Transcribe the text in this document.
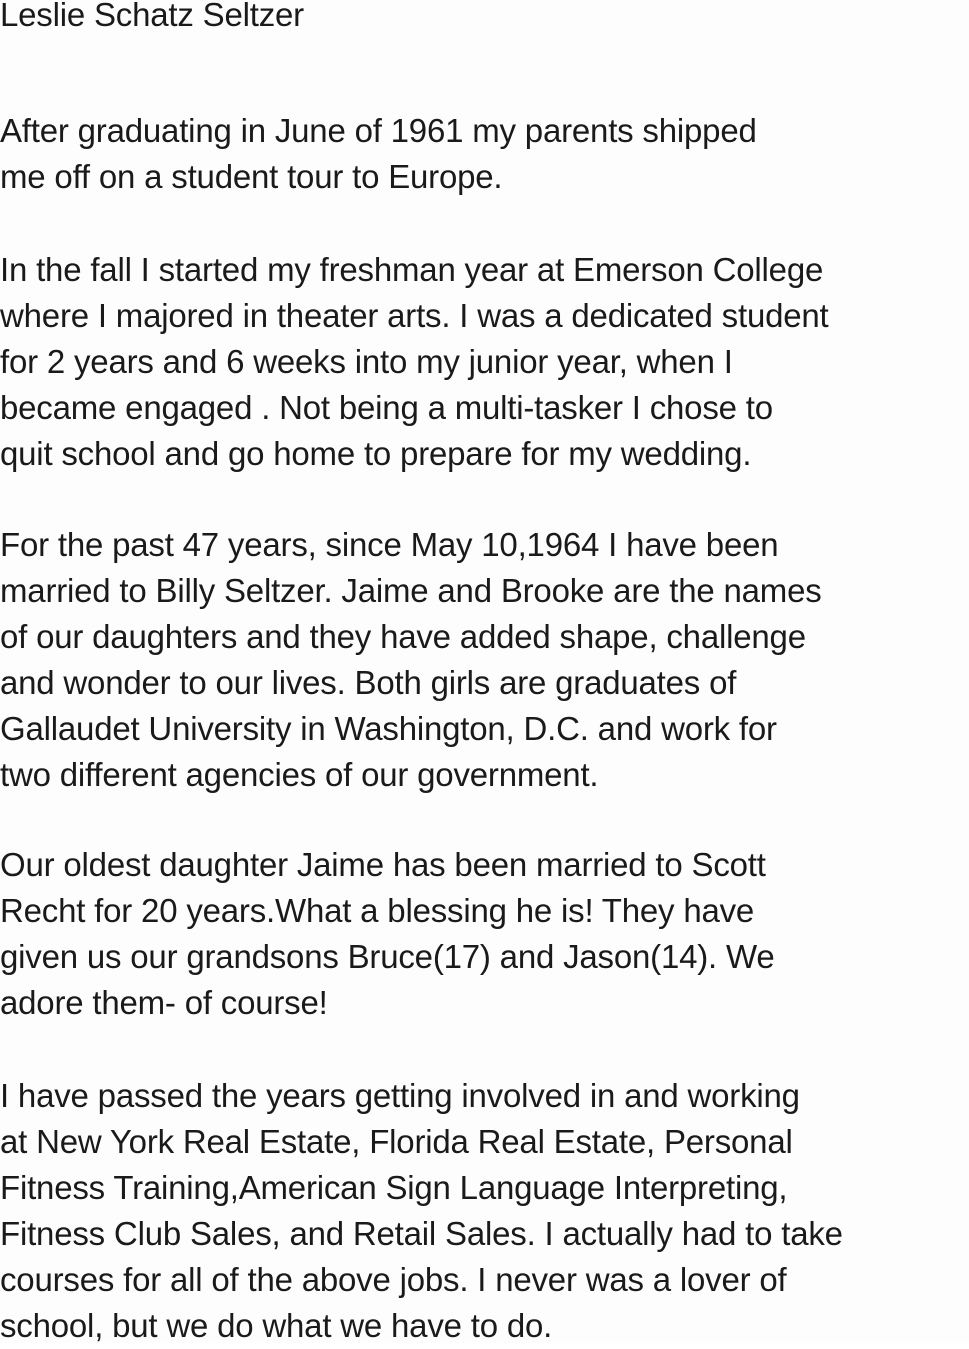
Leslie Schatz Seltzer

After graduating in June of 1961 my parents shipped
me off on a student tour to Europe.
In the fall I started my freshman year at Emerson College
where I majored in theater arts. I was a dedicated student
for 2 years and 6 weeks into my junior year, when I
became engaged . Not being a multi-tasker I chose to
quit school and go home to prepare for my wedding.
For the past 47 years, since May 10,1964 I have been
married to Billy Seltzer. Jaime and Brooke are the names
of our daughters and they have added shape, challenge
and wonder to our lives. Both girls are graduates of
Gallaudet University in Washington, D.C. and work for
two different agencies of our government.
Our oldest daughter Jaime has been married to Scott
Recht for 20 years.What a blessing he is! They have
given us our grandsons Bruce(17) and Jason(14). We
adore them- of course!
I have passed the years getting involved in and working
at New York Real Estate, Florida Real Estate, Personal
Fitness Training,American Sign Language Interpreting,
Fitness Club Sales, and Retail Sales. I actually had to take
courses for all of the above jobs. I never was a lover of
school, but we do what we have to do.
